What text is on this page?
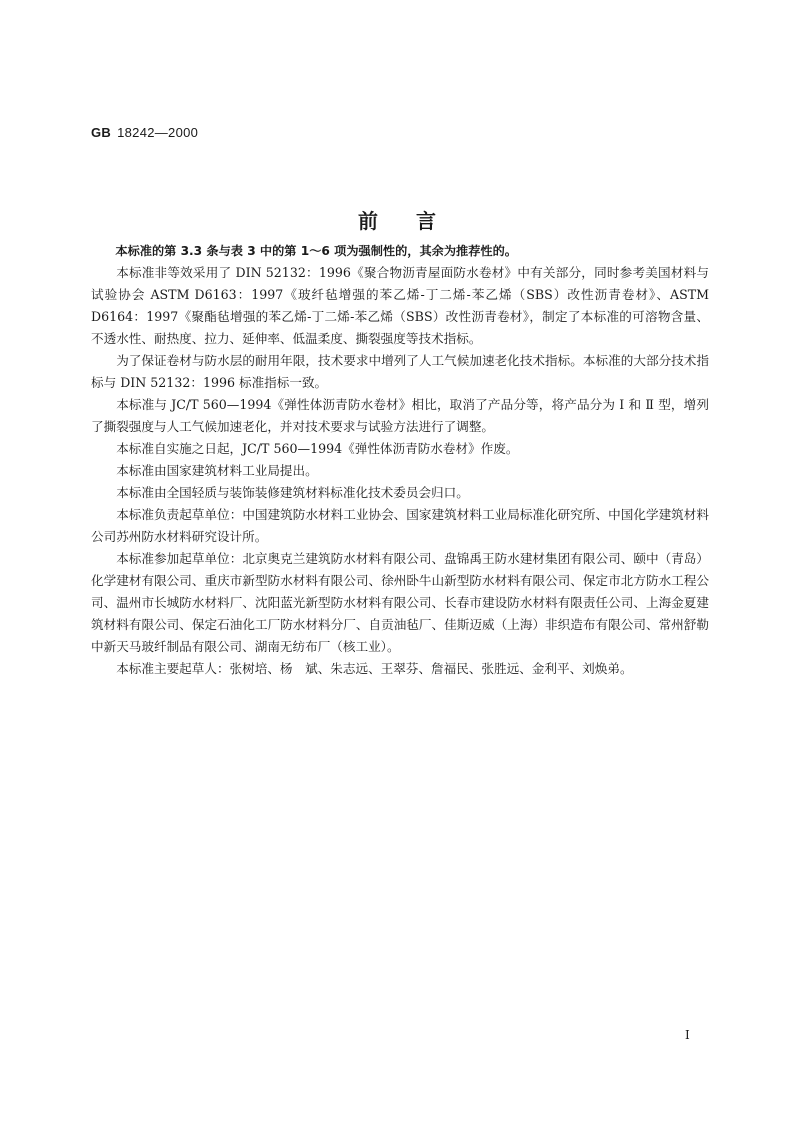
GB 18242—2000
前言

本标准的第 3.3 条与表 3 中的第 1～6 项为强制性的，其余为推荐性的。

本标准非等效采用了 DIN 52132：1996《聚合物沥青屋面防水卷材》中有关部分，同时参考美国材料与试验协会 ASTM D6163：1997《玻纤毡增强的苯乙烯-丁二烯-苯乙烯（SBS）改性沥青卷材》、ASTM D6164：1997《聚酯毡增强的苯乙烯-丁二烯-苯乙烯（SBS）改性沥青卷材》，制定了本标准的可溶物含量、不透水性、耐热度、拉力、延伸率、低温柔度、撕裂强度等技术指标。

为了保证卷材与防水层的耐用年限，技术要求中增列了人工气候加速老化技术指标。本标准的大部分技术指标与 DIN 52132：1996 标准指标一致。

本标准与 JC/T 560—1994《弹性体沥青防水卷材》相比，取消了产品分等，将产品分为 Ⅰ 和 Ⅱ 型，增列了撕裂强度与人工气候加速老化，并对技术要求与试验方法进行了调整。

本标准自实施之日起，JC/T 560—1994《弹性体沥青防水卷材》作废。

本标准由国家建筑材料工业局提出。

本标准由全国轻质与装饰装修建筑材料标准化技术委员会归口。

本标准负责起草单位：中国建筑防水材料工业协会、国家建筑材料工业局标准化研究所、中国化学建筑材料公司苏州防水材料研究设计所。

本标准参加起草单位：北京奥克兰建筑防水材料有限公司、盘锦禹王防水建材集团有限公司、颐中（青岛）化学建材有限公司、重庆市新型防水材料有限公司、徐州卧牛山新型防水材料有限公司、保定市北方防水工程公司、温州市长城防水材料厂、沈阳蓝光新型防水材料有限公司、长春市建设防水材料有限责任公司、上海金夏建筑材料有限公司、保定石油化工厂防水材料分厂、自贡油毡厂、佳斯迈威（上海）非织造布有限公司、常州舒勒中新天马玻纤制品有限公司、湖南无纺布厂（核工业）。

本标准主要起草人：张树培、杨　斌、朱志远、王翠芬、詹福民、张胜远、金利平、刘焕弟。

I
